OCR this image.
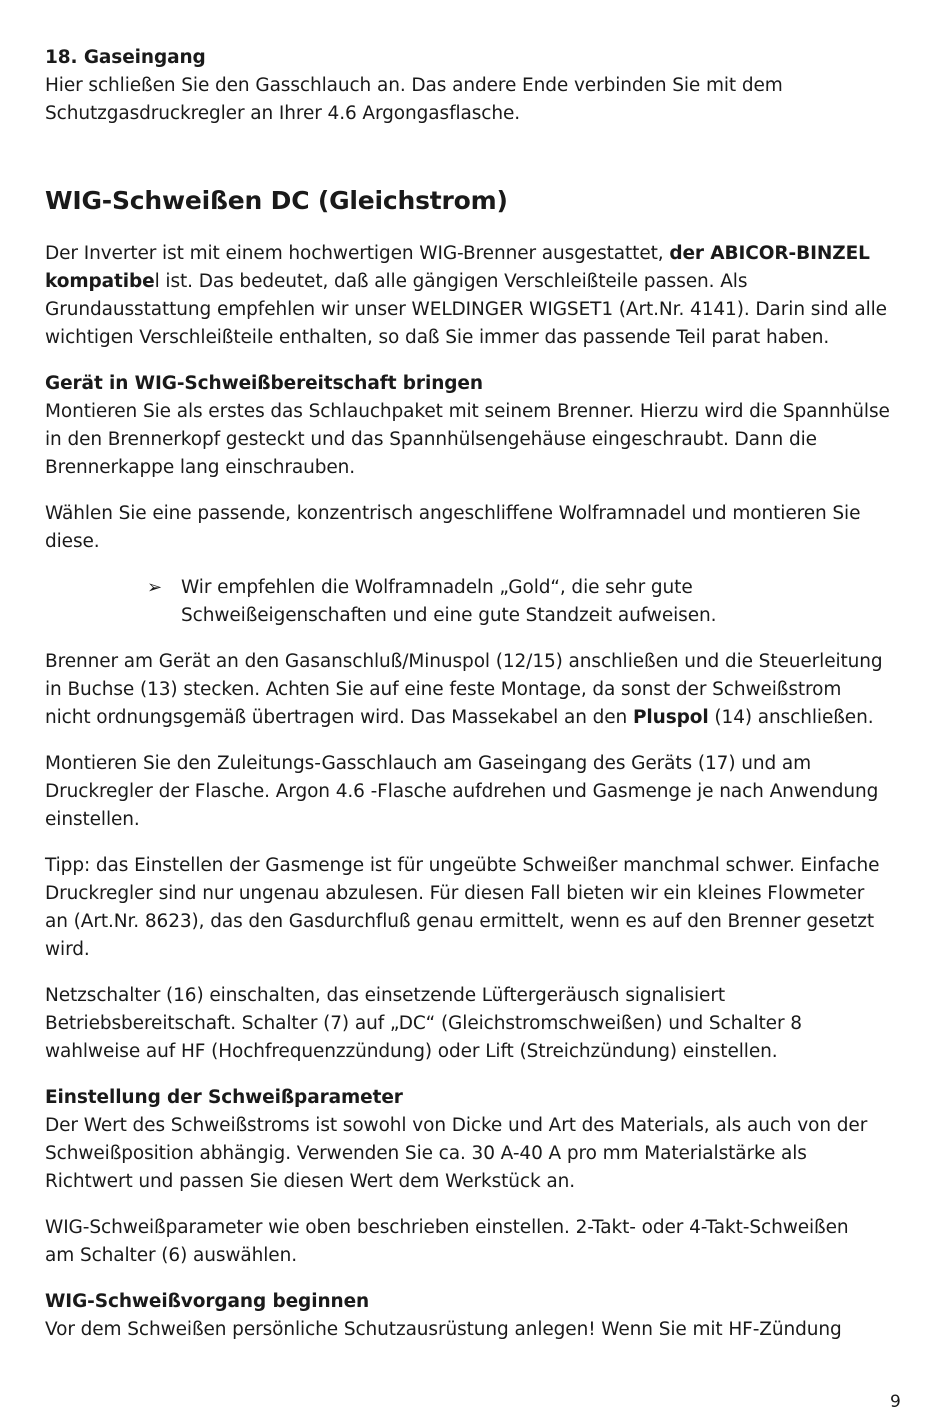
18. Gaseingang

Hier schließen Sie den Gasschlauch an. Das andere Ende verbinden Sie mit dem

Schutzgasdruckregler an Ihrer 4.6 Argongasflasche.

WIG-Schweißen DC (Gleichstrom)

Der Inverter ist mit einem hochwertigen WIG-Brenner ausgestattet, der ABICOR-BINZEL

kompatibel ist. Das bedeutet, daß alle gängigen Verschleißteile passen. Als

Grundausstattung empfehlen wir unser WELDINGER WIGSET1 (Art.Nr. 4141). Darin sind alle

wichtigen Verschleißteile enthalten, so daß Sie immer das passende Teil parat haben.

Gerät in WIG-Schweißbereitschaft bringen

Montieren Sie als erstes das Schlauchpaket mit seinem Brenner. Hierzu wird die Spannhülse

in den Brennerkopf gesteckt und das Spannhülsengehäuse eingeschraubt. Dann die

Brennerkappe lang einschrauben.

Wählen Sie eine passende, konzentrisch angeschliffene Wolframnadel und montieren Sie

diese.

➢	Wir empfehlen die Wolframnadeln „Gold“, die sehr gute

Schweißeigenschaften und eine gute Standzeit aufweisen.

Brenner am Gerät an den Gasanschluß/Minuspol (12/15) anschließen und die Steuerleitung

in Buchse (13) stecken. Achten Sie auf eine feste Montage, da sonst der Schweißstrom

nicht ordnungsgemäß übertragen wird. Das Massekabel an den Pluspol (14) anschließen.

Montieren Sie den Zuleitungs-Gasschlauch am Gaseingang des Geräts (17) und am

Druckregler der Flasche. Argon 4.6 -Flasche aufdrehen und Gasmenge je nach Anwendung

einstellen.

Tipp: das Einstellen der Gasmenge ist für ungeübte Schweißer manchmal schwer. Einfache

Druckregler sind nur ungenau abzulesen. Für diesen Fall bieten wir ein kleines Flowmeter

an (Art.Nr. 8623), das den Gasdurchfluß genau ermittelt, wenn es auf den Brenner gesetzt

wird.

Netzschalter (16) einschalten, das einsetzende Lüftergeräusch signalisiert

Betriebsbereitschaft. Schalter (7) auf „DC“ (Gleichstromschweißen) und Schalter 8

wahlweise auf HF (Hochfrequenzzündung) oder Lift (Streichzündung) einstellen.

Einstellung der Schweißparameter

Der Wert des Schweißstroms ist sowohl von Dicke und Art des Materials, als auch von der

Schweißposition abhängig. Verwenden Sie ca. 30 A-40 A pro mm Materialstärke als

Richtwert und passen Sie diesen Wert dem Werkstück an.

WIG-Schweißparameter wie oben beschrieben einstellen. 2-Takt- oder 4-Takt-Schweißen

am Schalter (6) auswählen.

WIG-Schweißvorgang beginnen

Vor dem Schweißen persönliche Schutzausrüstung anlegen! Wenn Sie mit HF-Zündung

9
